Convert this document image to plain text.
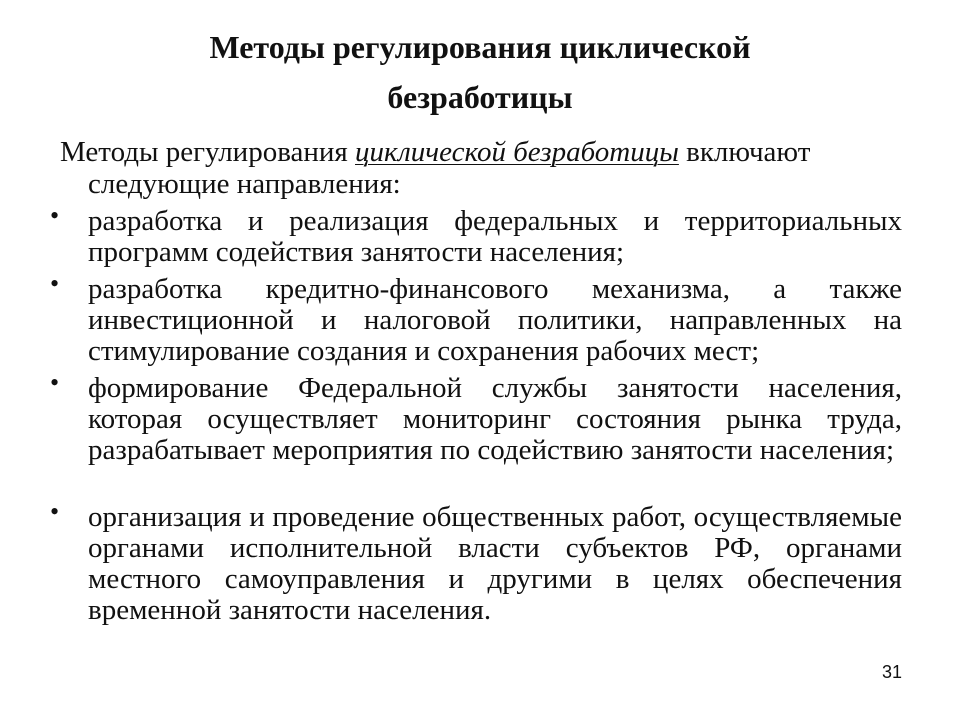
Методы регулирования циклической безработицы

Методы регулирования циклической безработицы включают
следующие направления:

• разработка и реализация федеральных и территориальных программ содействия занятости населения;
• разработка кредитно-финансового механизма, а также инвестиционной и налоговой политики, направленных на стимулирование создания и сохранения рабочих мест;
• формирование Федеральной службы занятости населения, которая осуществляет мониторинг состояния рынка труда, разрабатывает мероприятия по содействию занятости населения;
• организация и проведение общественных работ, осуществляемые органами исполнительной власти субъектов РФ, органами местного самоуправления и другими в целях обеспечения временной занятости населения.
31
